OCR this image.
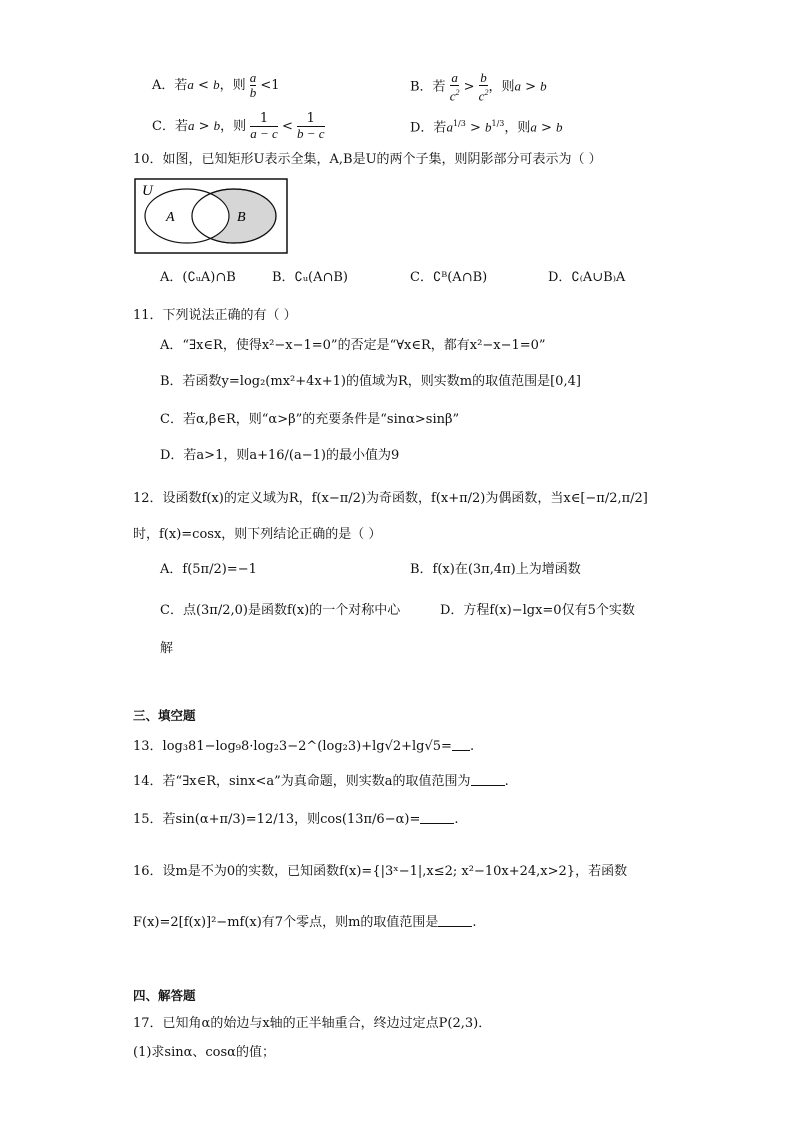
A．若a < b，则 $\frac{a}{b} <1$	B．若 $\frac{a}{c^2} > \frac{b}{c^2}$ ，则a > b
C．若a > b，则 $\frac{1}{a - c} < \frac{1}{b - c}$	D．若$a^{1/3} > b^{1/3}$，则a > b
10．如图，已知矩形U表示全集，A,B是U的两个子集，则阴影部分可表示为（ ）
U
A	B
A．(∁ᵤA)∩B	B．∁ᵤ(A∩B)	C．∁ᴮ(A∩B)	D．∁₍A∪B₎A
11．下列说法正确的有（ ）
A．“∃x∈R，使得x²−x−1=0”的否定是“∀x∈R，都有x²−x−1=0”
B．若函数y=log₂(mx²+4x+1)的值域为R，则实数m的取值范围是[0,4]
C．若α,β∈R，则“α>β”的充要条件是“sinα>sinβ”
D．若a>1，则a+16/(a−1)的最小值为9
12．设函数f(x)的定义域为R，f(x−π/2)为奇函数，f(x+π/2)为偶函数，当x∈[−π/2,π/2]
时，f(x)=cosx，则下列结论正确的是（ ）
A．f(5π/2)=−1	B．f(x)在(3π,4π)上为增函数
C．点(3π/2,0)是函数f(x)的一个对称中心	D．方程f(x)−lgx=0仅有5个实数
解
三、填空题
13．log₃81−log₉8·log₂3−2^(log₂3)+lg√2+lg√5= .
14．若“∃x∈R，sinx<a”为真命题，则实数a的取值范围为	.
15．若sin(α+π/3)=12/13，则cos(13π/6−α)=	.
16．设m是不为0的实数，已知函数f(x)={|3ˣ−1|,x≤2; x²−10x+24,x>2}，若函数
F(x)=2[f(x)]²−mf(x)有7个零点，则m的取值范围是	.
四、解答题
17．已知角α的始边与x轴的正半轴重合，终边过定点P(2,3)．
(1)求sinα、cosα的值；
